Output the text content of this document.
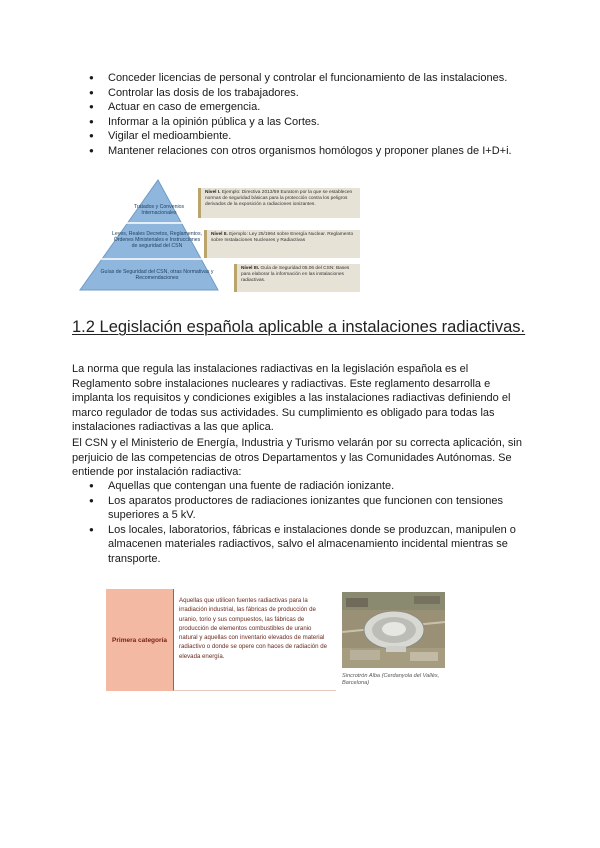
● Conceder licencias de personal y controlar el funcionamiento de las instalaciones.
● Controlar las dosis de los trabajadores.
● Actuar en caso de emergencia.
● Informar a la opinión pública y a las Cortes.
● Vigilar el medioambiente.
● Mantener relaciones con otros organismos homólogos y proponer planes de I+D+i.
Tratados y Convenios Internacionales
Leyes, Reales Decretos, Reglamentos, Órdenes Ministeriales e Instrucciones de seguridad del CSN
Guías de Seguridad del CSN, otras Normativas y Recomendaciones
Nivel I. Ejemplo: Directiva 2013/59 Euratom por la que se establecen normas de seguridad básicas para la protección contra los peligros derivados de la exposición a radiaciones ionizantes.
Nivel II. Ejemplo: Ley 25/1964 sobre Energía Nuclear. Reglamento sobre Instalaciones Nucleares y Radiactivas
Nivel III. Guía de Seguridad 05.06 del CSN: Bases para elaborar la información en las instalaciones radiactivas.
1.2 Legislación española aplicable a instalaciones radiactivas.

La norma que regula las instalaciones radiactivas en la legislación española es el Reglamento sobre instalaciones nucleares y radiactivas. Este reglamento desarrolla e implanta los requisitos y condiciones exigibles a las instalaciones radiactivas definiendo el marco regulador de todas sus actividades. Su cumplimiento es obligado para todas las instalaciones radiactivas a las que aplica.

El CSN y el Ministerio de Energía, Industria y Turismo velarán por su correcta aplicación, sin perjuicio de las competencias de otros Departamentos y las Comunidades Autónomas. Se entiende por instalación radiactiva:

● Aquellas que contengan una fuente de radiación ionizante.
● Los aparatos productores de radiaciones ionizantes que funcionen con tensiones superiores a 5 kV.
● Los locales, laboratorios, fábricas e instalaciones donde se produzcan, manipulen o almacenen materiales radiactivos, salvo el almacenamiento incidental mientras se transporte.
Primera categoría
Aquellas que utilicen fuentes radiactivas para la irradiación industrial, las fábricas de producción de uranio, torio y sus compuestos, las fábricas de producción de elementos combustibles de uranio natural y aquellas con inventario elevados de material radiactivo o donde se opere con haces de radiación de elevada energía.
Sincrotrón Alba (Cerdanyola del Vallès, Barcelona)
